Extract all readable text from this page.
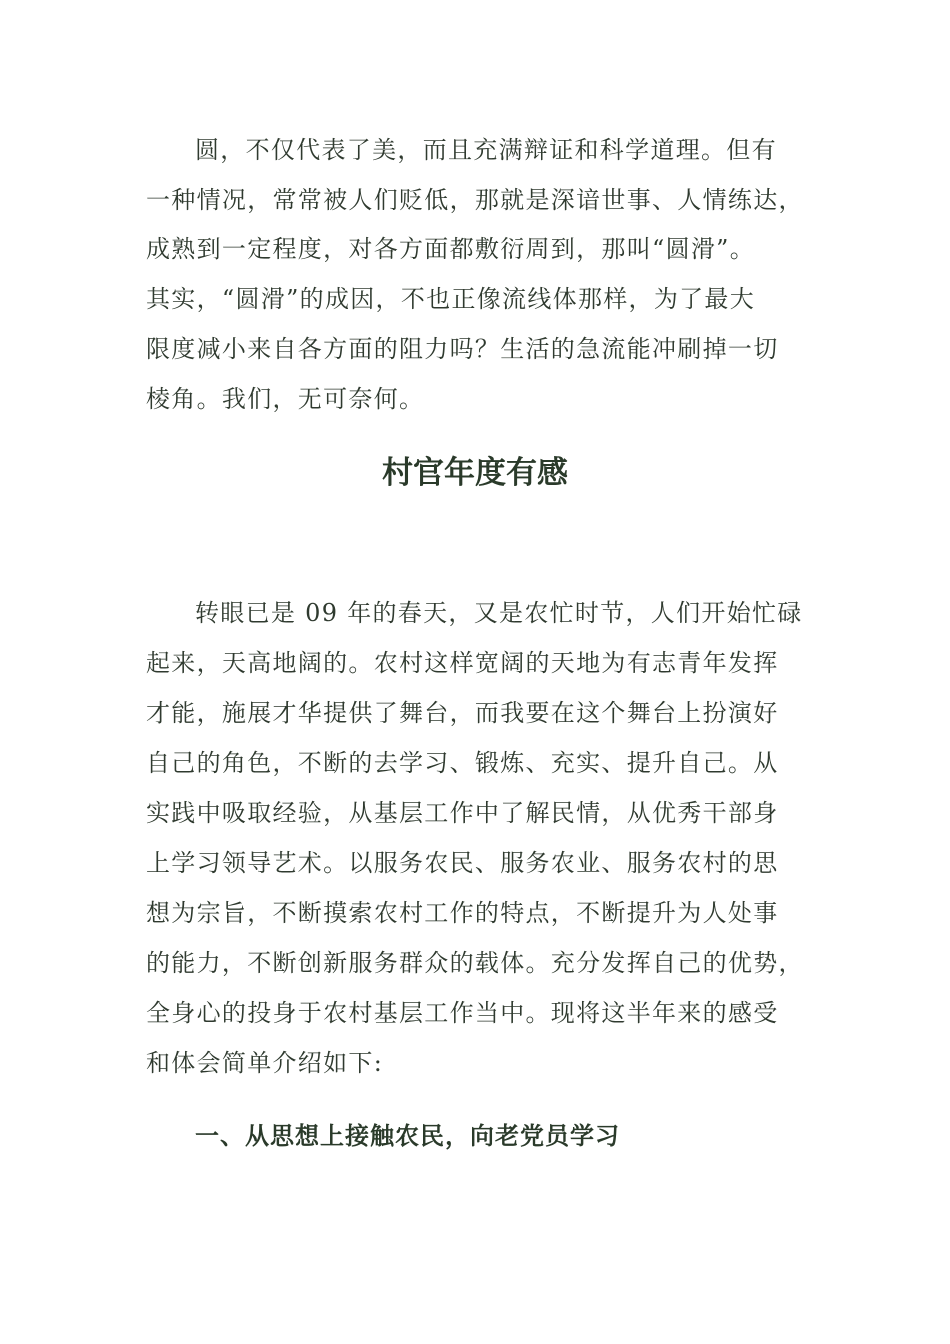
圆，不仅代表了美，而且充满辩证和科学道理。但有
一种情况，常常被人们贬低，那就是深谙世事、人情练达，
成熟到一定程度，对各方面都敷衍周到，那叫“圆滑”。
其实，“圆滑”的成因，不也正像流线体那样，为了最大
限度减小来自各方面的阻力吗？生活的急流能冲刷掉一切
棱角。我们，无可奈何。
村官年度有感
转眼已是 09 年的春天，又是农忙时节，人们开始忙碌
起来，天高地阔的。农村这样宽阔的天地为有志青年发挥
才能，施展才华提供了舞台，而我要在这个舞台上扮演好
自己的角色，不断的去学习、锻炼、充实、提升自己。从
实践中吸取经验，从基层工作中了解民情，从优秀干部身
上学习领导艺术。以服务农民、服务农业、服务农村的思
想为宗旨，不断摸索农村工作的特点，不断提升为人处事
的能力，不断创新服务群众的载体。充分发挥自己的优势，
全身心的投身于农村基层工作当中。现将这半年来的感受
和体会简单介绍如下:
一、从思想上接触农民，向老党员学习
